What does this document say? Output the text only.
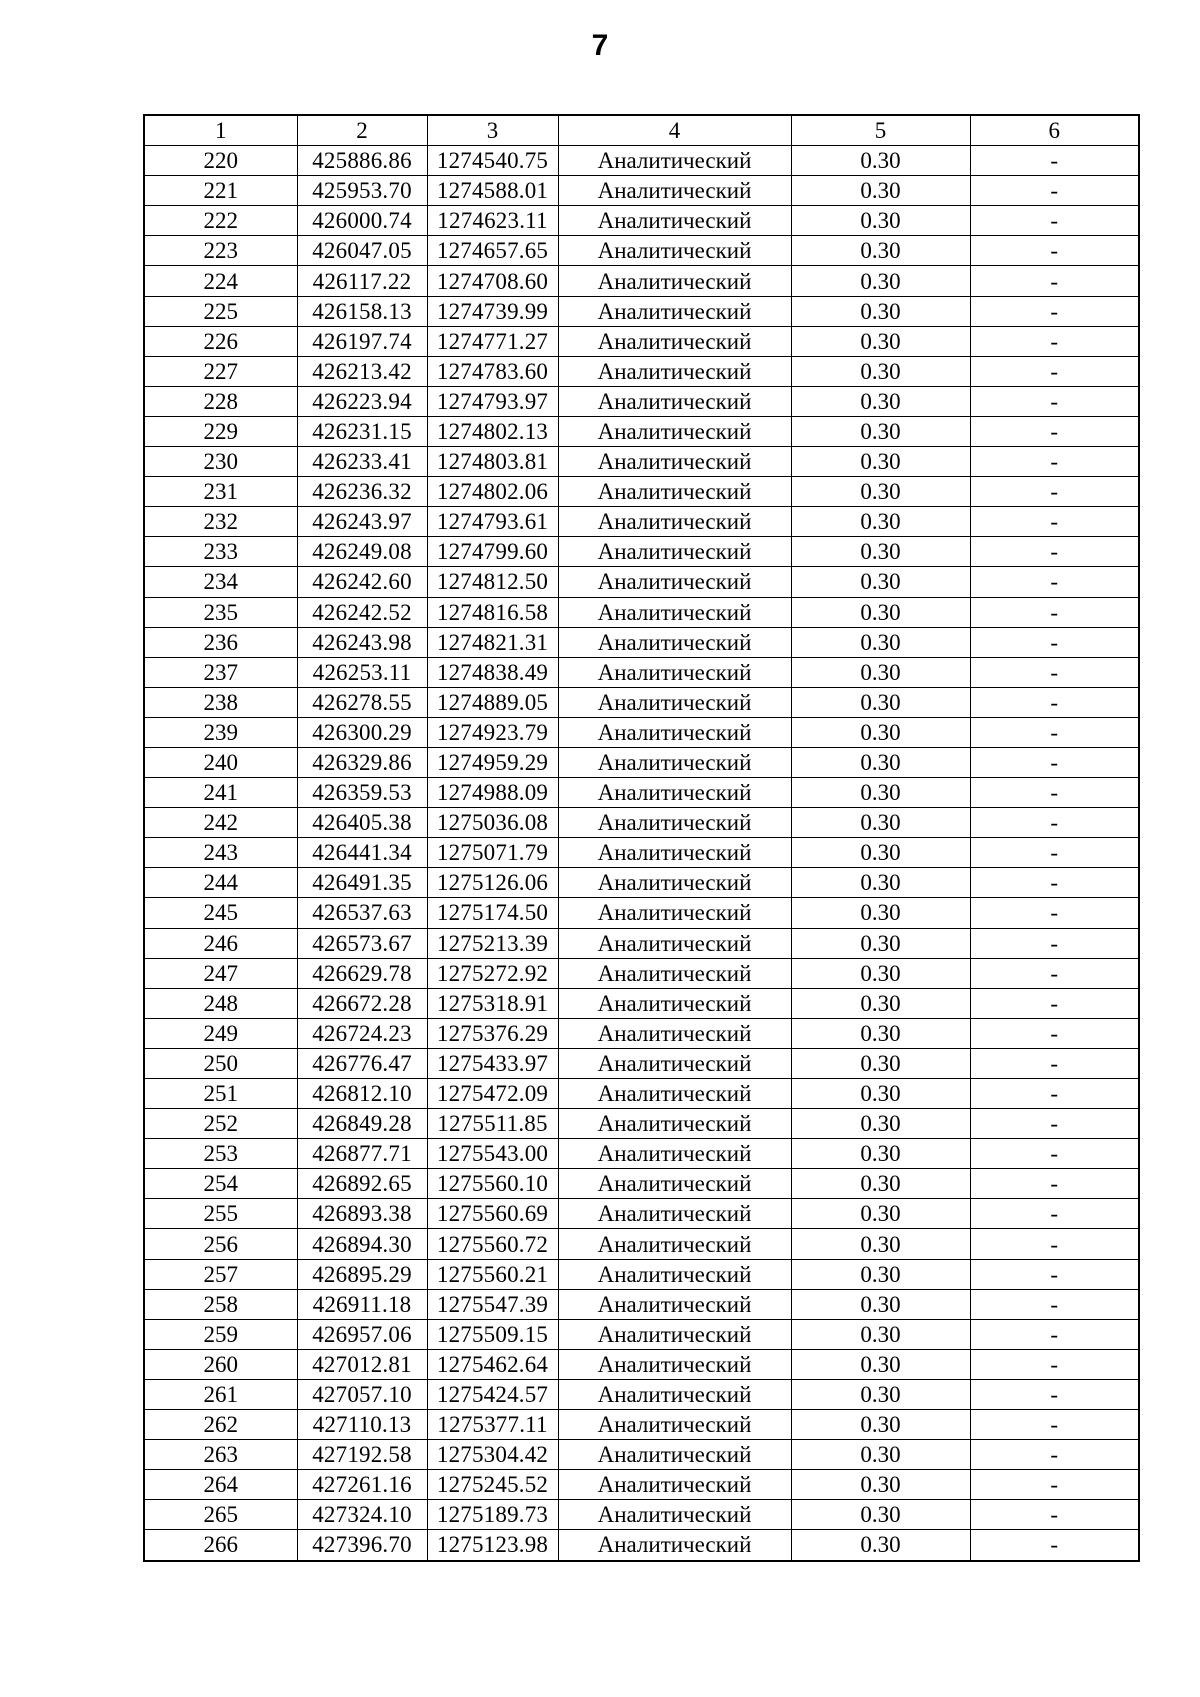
7
1	2	3	4	5	6
220	425886.86	1274540.75	Аналитический	0.30	-
221	425953.70	1274588.01	Аналитический	0.30	-
222	426000.74	1274623.11	Аналитический	0.30	-
223	426047.05	1274657.65	Аналитический	0.30	-
224	426117.22	1274708.60	Аналитический	0.30	-
225	426158.13	1274739.99	Аналитический	0.30	-
226	426197.74	1274771.27	Аналитический	0.30	-
227	426213.42	1274783.60	Аналитический	0.30	-
228	426223.94	1274793.97	Аналитический	0.30	-
229	426231.15	1274802.13	Аналитический	0.30	-
230	426233.41	1274803.81	Аналитический	0.30	-
231	426236.32	1274802.06	Аналитический	0.30	-
232	426243.97	1274793.61	Аналитический	0.30	-
233	426249.08	1274799.60	Аналитический	0.30	-
234	426242.60	1274812.50	Аналитический	0.30	-
235	426242.52	1274816.58	Аналитический	0.30	-
236	426243.98	1274821.31	Аналитический	0.30	-
237	426253.11	1274838.49	Аналитический	0.30	-
238	426278.55	1274889.05	Аналитический	0.30	-
239	426300.29	1274923.79	Аналитический	0.30	-
240	426329.86	1274959.29	Аналитический	0.30	-
241	426359.53	1274988.09	Аналитический	0.30	-
242	426405.38	1275036.08	Аналитический	0.30	-
243	426441.34	1275071.79	Аналитический	0.30	-
244	426491.35	1275126.06	Аналитический	0.30	-
245	426537.63	1275174.50	Аналитический	0.30	-
246	426573.67	1275213.39	Аналитический	0.30	-
247	426629.78	1275272.92	Аналитический	0.30	-
248	426672.28	1275318.91	Аналитический	0.30	-
249	426724.23	1275376.29	Аналитический	0.30	-
250	426776.47	1275433.97	Аналитический	0.30	-
251	426812.10	1275472.09	Аналитический	0.30	-
252	426849.28	1275511.85	Аналитический	0.30	-
253	426877.71	1275543.00	Аналитический	0.30	-
254	426892.65	1275560.10	Аналитический	0.30	-
255	426893.38	1275560.69	Аналитический	0.30	-
256	426894.30	1275560.72	Аналитический	0.30	-
257	426895.29	1275560.21	Аналитический	0.30	-
258	426911.18	1275547.39	Аналитический	0.30	-
259	426957.06	1275509.15	Аналитический	0.30	-
260	427012.81	1275462.64	Аналитический	0.30	-
261	427057.10	1275424.57	Аналитический	0.30	-
262	427110.13	1275377.11	Аналитический	0.30	-
263	427192.58	1275304.42	Аналитический	0.30	-
264	427261.16	1275245.52	Аналитический	0.30	-
265	427324.10	1275189.73	Аналитический	0.30	-
266	427396.70	1275123.98	Аналитический	0.30	-
